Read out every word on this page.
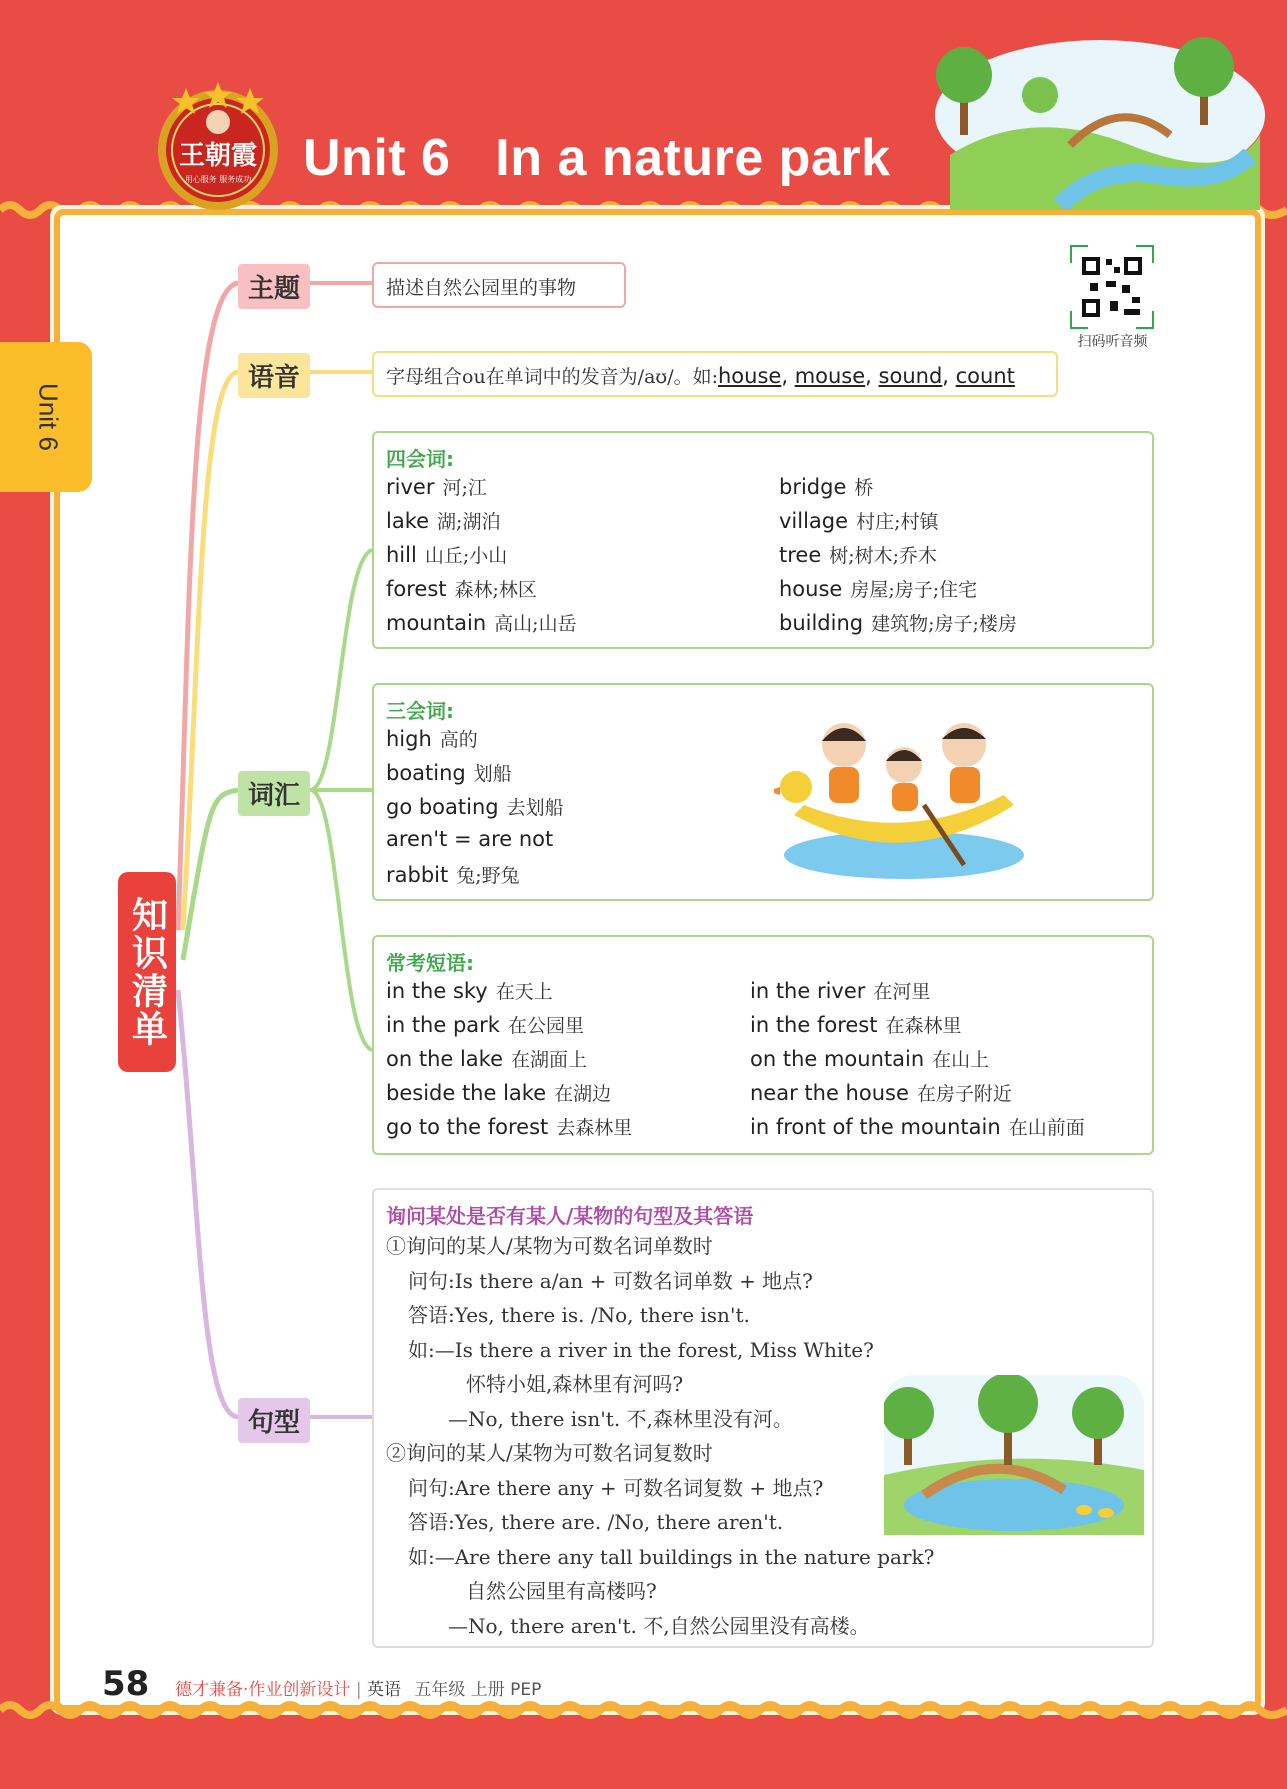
王朝霞
用心服务 服务成功 Unit 6   In a nature park
Unit 6
扫码听音频
知识清单
主题
语音
词汇
句型
描述自然公园里的事物
字母组合ou在单词中的发音为/aʊ/。如:house, mouse, sound, count
四会词:
river 河;江
lake 湖;湖泊
hill 山丘;小山
forest 森林;林区
mountain 高山;山岳
bridge 桥
village 村庄;村镇
tree 树;树木;乔木
house 房屋;房子;住宅
building 建筑物;房子;楼房
三会词:
high 高的
boating 划船
go boating 去划船
aren't = are not
rabbit 兔;野兔
常考短语:
in the sky 在天上
in the park 在公园里
on the lake 在湖面上
beside the lake 在湖边
go to the forest 去森林里
in the river 在河里
in the forest 在森林里
on the mountain 在山上
near the house 在房子附近
in front of the mountain 在山前面
询问某处是否有某人/某物的句型及其答语
①询问的某人/某物为可数名词单数时
问句:Is there a/an + 可数名词单数 + 地点?
答语:Yes, there is. /No, there isn't.
如:—Is there a river in the forest, Miss White?
怀特小姐,森林里有河吗?
—No, there isn't. 不,森林里没有河。
②询问的某人/某物为可数名词复数时
问句:Are there any + 可数名词复数 + 地点?
答语:Yes, there are. /No, there aren't.
如:—Are there any tall buildings in the nature park?
自然公园里有高楼吗?
—No, there aren't. 不,自然公园里没有高楼。
58 德才兼备·作业创新设计 | 英语 五年级 上册 PEP
